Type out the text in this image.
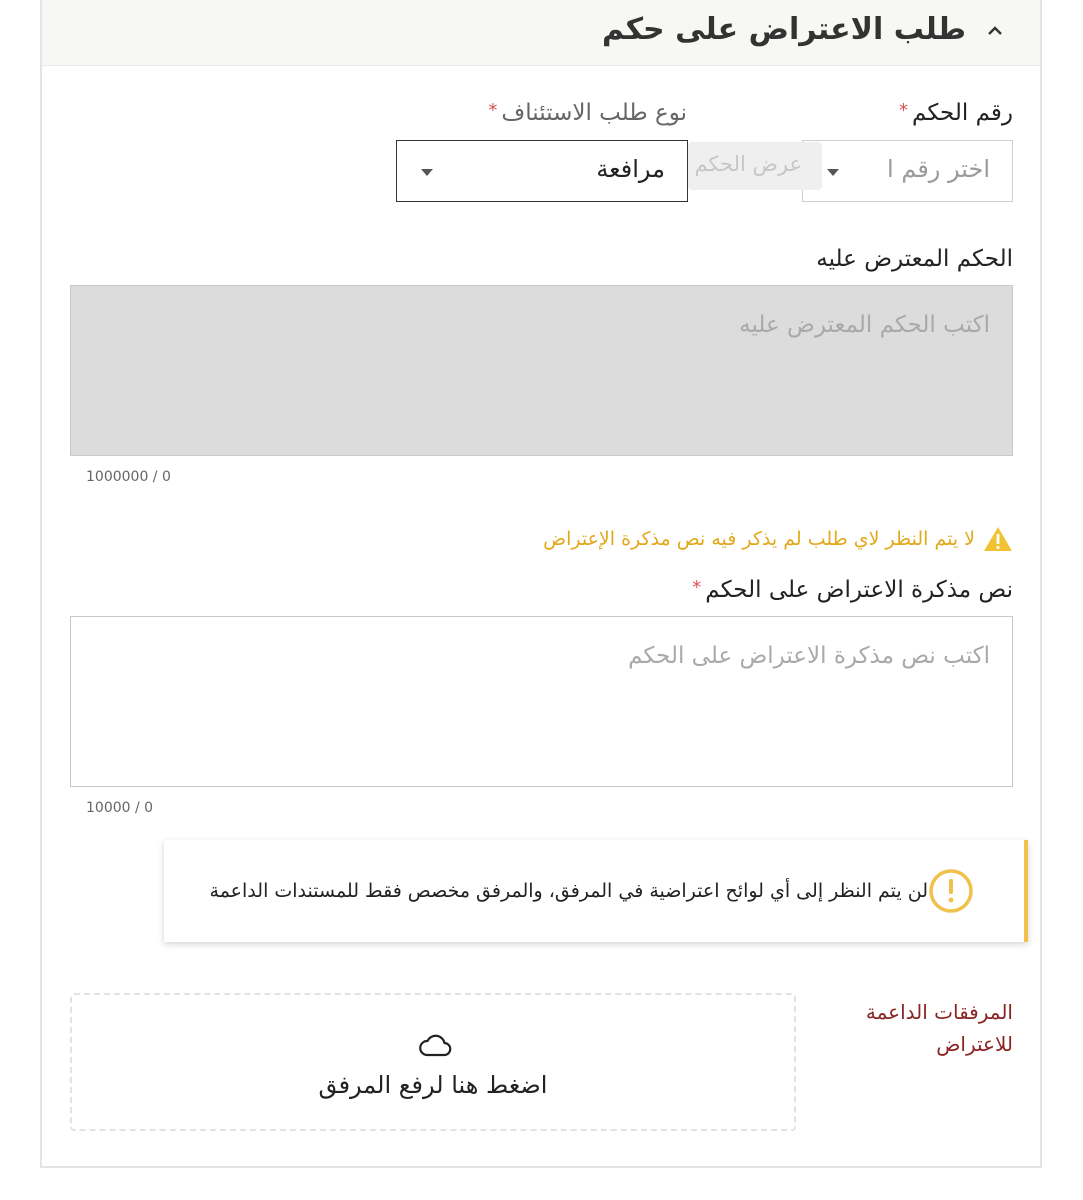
طلب الاعتراض على حكم
رقم الحكم*
اختر رقم ا
عرض الحكم
نوع طلب الاستئناف*
مرافعة
الحكم المعترض عليه
اكتب الحكم المعترض عليه
1000000 / 0
لا يتم النظر لاي طلب لم يذكر فيه نص مذكرة الإعتراض
نص مذكرة الاعتراض على الحكم*
اكتب نص مذكرة الاعتراض على الحكم
10000 / 0
لن يتم النظر إلى أي لوائح اعتراضية في المرفق، والمرفق مخصص فقط للمستندات الداعمة
المرفقات الداعمة
للاعتراض
اضغط هنا لرفع المرفق
